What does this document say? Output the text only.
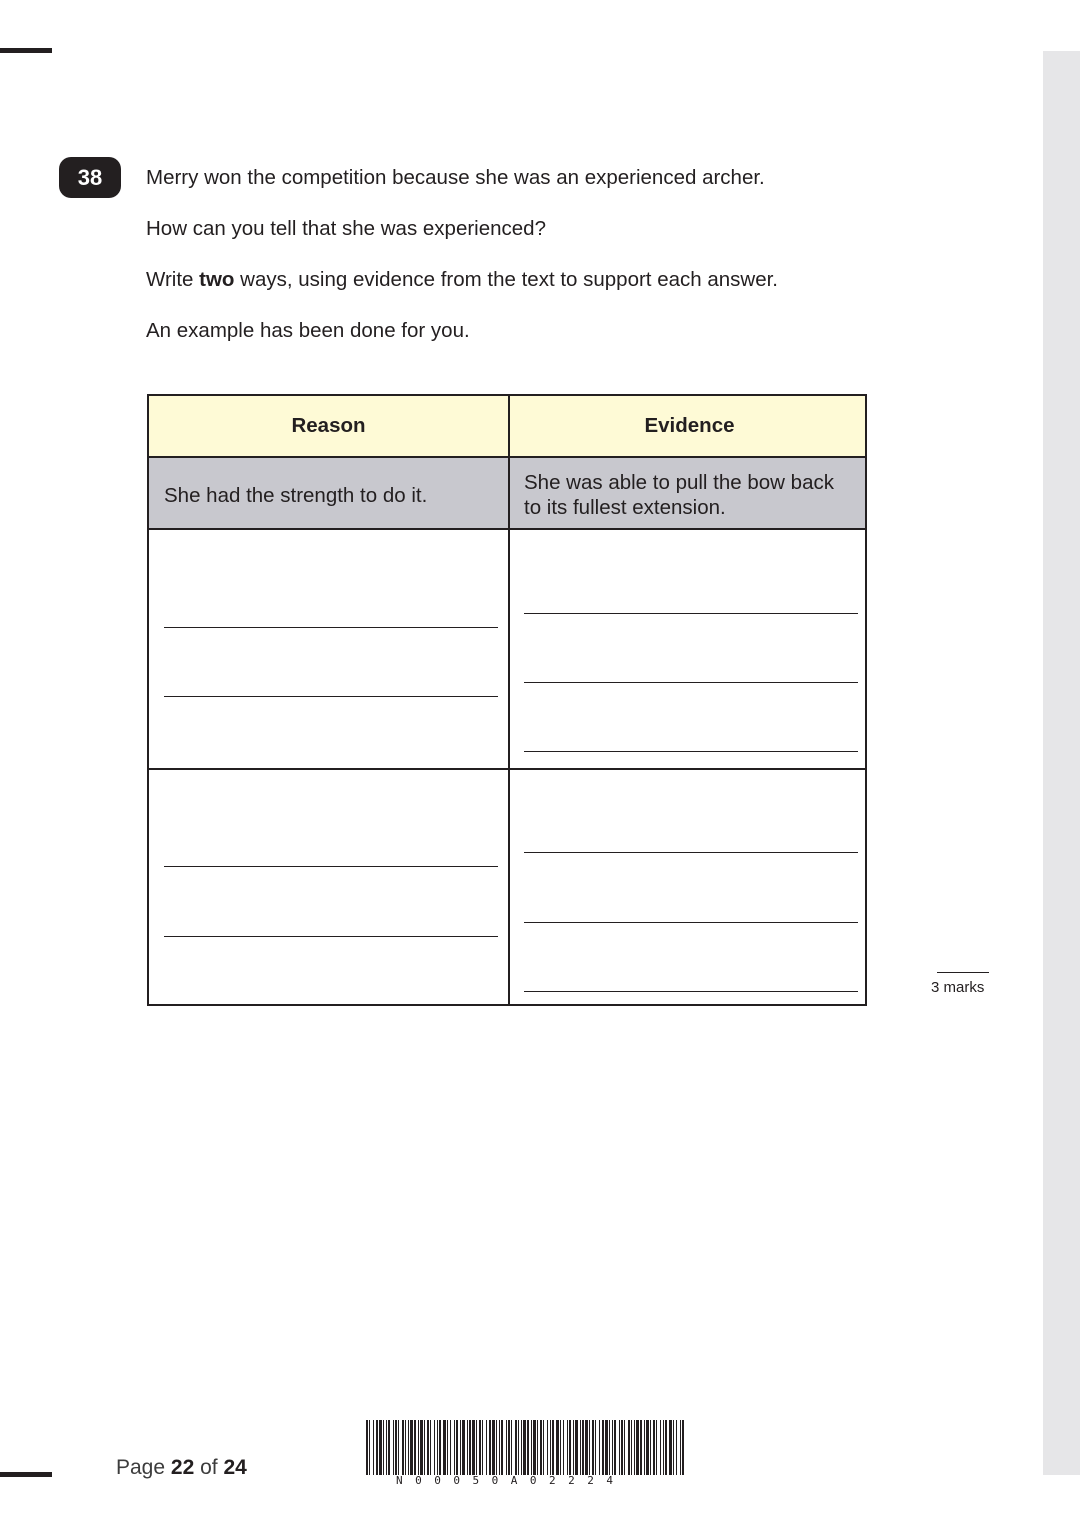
38	Merry won the competition because she was an experienced archer.
How can you tell that she was experienced?
Write two ways, using evidence from the text to support each answer.
An example has been done for you.
Reason	Evidence
She had the strength to do it.
She was able to pull the bow back to its fullest extension.
3 marks
Page 22 of 24
N00050A02224
